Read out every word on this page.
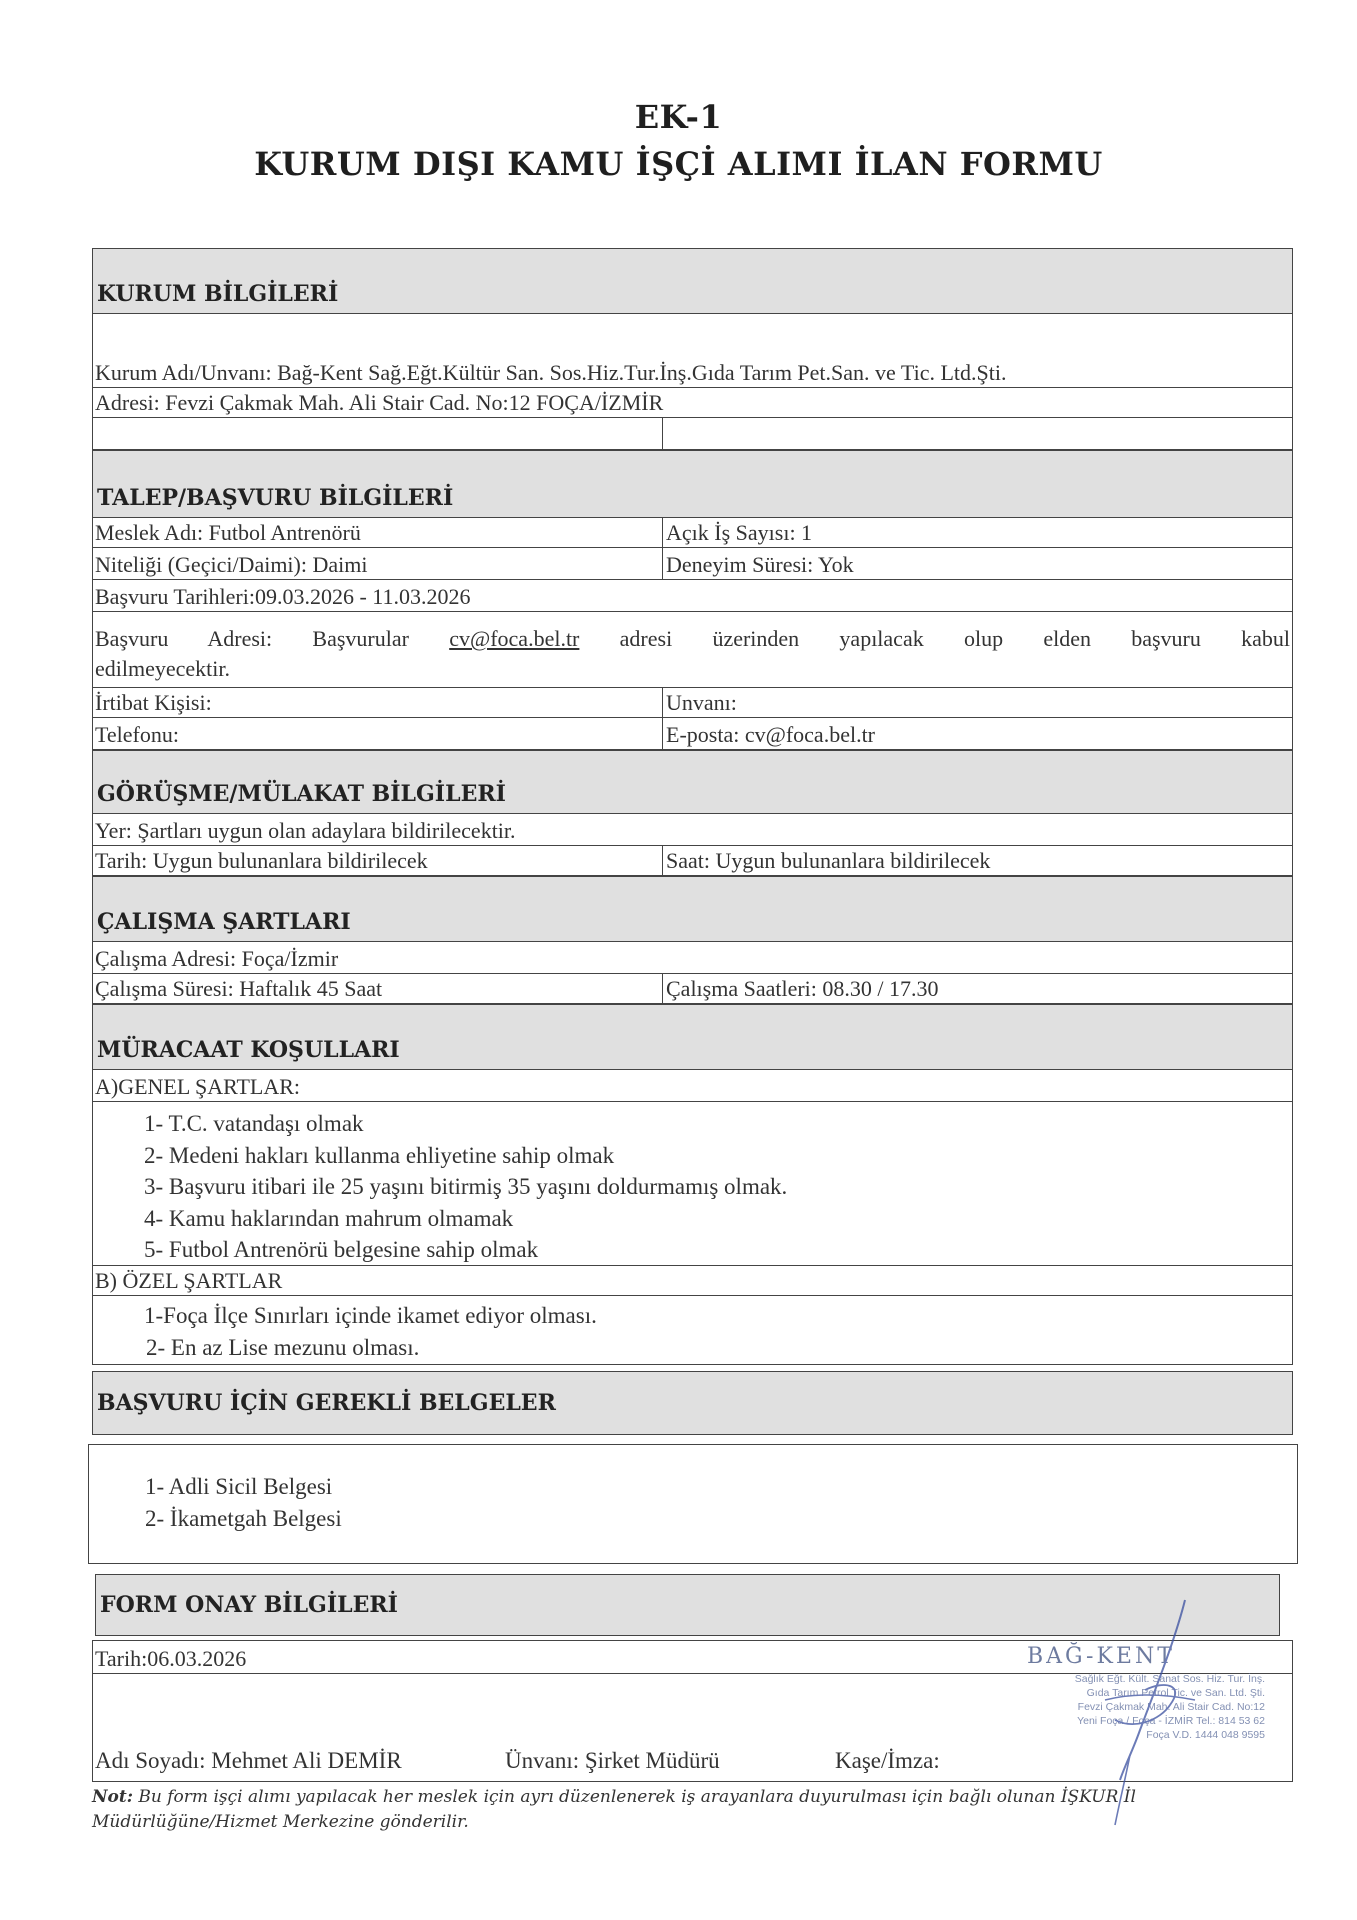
EK-1
KURUM DIŞI KAMU İŞÇİ ALIMI İLAN FORMU
KURUM BİLGİLERİ
Kurum Adı/Unvanı: Bağ-Kent Sağ.Eğt.Kültür San. Sos.Hiz.Tur.İnş.Gıda Tarım Pet.San. ve Tic. Ltd.Şti.
Adresi: Fevzi Çakmak Mah. Ali Stair Cad. No:12 FOÇA/İZMİR
TALEP/BAŞVURU BİLGİLERİ
Meslek Adı: Futbol Antrenörü	Açık İş Sayısı: 1
Niteliği (Geçici/Daimi): Daimi	Deneyim Süresi: Yok
Başvuru Tarihleri:09.03.2026 - 11.03.2026
Başvuru Adresi: Başvurular cv@foca.bel.tr adresi üzerinden yapılacak olup elden başvuru kabul
edilmeyecektir.
İrtibat Kişisi:	Unvanı:
Telefonu:	E-posta: cv@foca.bel.tr
GÖRÜŞME/MÜLAKAT BİLGİLERİ
Yer: Şartları uygun olan adaylara bildirilecektir.
Tarih: Uygun bulunanlara bildirilecek	Saat: Uygun bulunanlara bildirilecek
ÇALIŞMA ŞARTLARI
Çalışma Adresi: Foça/İzmir
Çalışma Süresi: Haftalık 45 Saat	Çalışma Saatleri: 08.30 / 17.30
MÜRACAAT KOŞULLARI
A)GENEL ŞARTLAR:
1- T.C. vatandaşı olmak
2- Medeni hakları kullanma ehliyetine sahip olmak
3- Başvuru itibari ile 25 yaşını bitirmiş 35 yaşını doldurmamış olmak.
4- Kamu haklarından mahrum olmamak
5- Futbol Antrenörü belgesine sahip olmak
B) ÖZEL ŞARTLAR
1-Foça İlçe Sınırları içinde ikamet ediyor olması.
2- En az Lise mezunu olması.
BAŞVURU İÇİN GEREKLİ BELGELER
1- Adli Sicil Belgesi
2- İkametgah Belgesi
FORM ONAY BİLGİLERİ
Tarih:06.03.2026
Adı Soyadı: Mehmet Ali DEMİR	Ünvanı: Şirket Müdürü	Kaşe/İmza:
BAĞ-KENT
Sağlık Eğt. Kült. Sanat Sos. Hiz. Tur. İnş.
Gıda Tarım Petrol Tic. ve San. Ltd. Şti.
Fevzi Çakmak Mah. Ali Stair Cad. No:12
Yeni Foça / Foça - İZMİR Tel.: 814 53 62
Foça V.D. 1444 048 9595
Not: Bu form işçi alımı yapılacak her meslek için ayrı düzenlenerek iş arayanlara duyurulması için bağlı olunan İŞKUR İl Müdürlüğüne/Hizmet Merkezine gönderilir.
